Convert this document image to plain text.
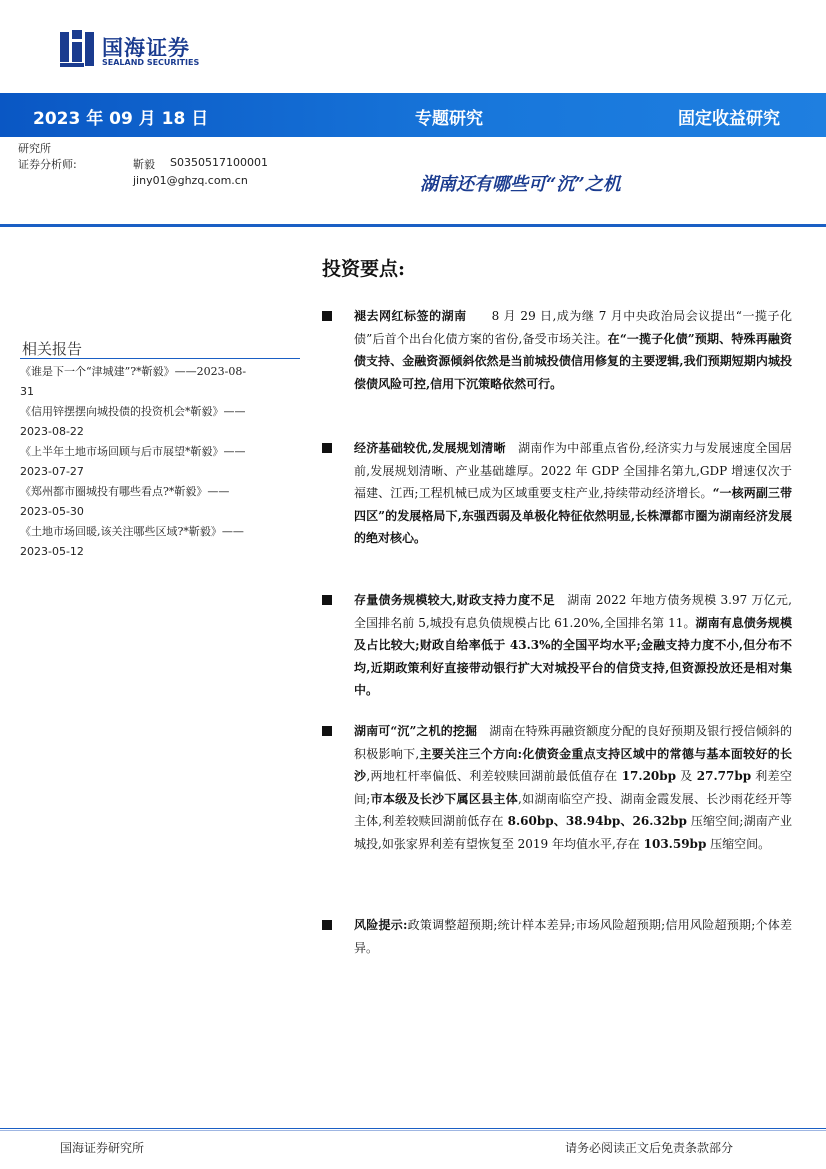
国海证券
SEALAND SECURITIES
2023 年 09 月 18 日	专题研究	固定收益研究
研究所
证券分析师:	靳毅 S0350517100001
jiny01@ghzq.com.cn	湖南还有哪些可“沉”之机
投资要点:
相关报告
《谁是下一个“津城建”?*靳毅》——2023-08-
31
《信用锌摆摆向城投债的投资机会*靳毅》——
2023-08-22
《上半年土地市场回顾与后市展望*靳毅》——
2023-07-27
《郑州都市圈城投有哪些看点?*靳毅》——
2023-05-30
《土地市场回暖,该关注哪些区域?*靳毅》——
2023-05-12
褪去网红标签的湖南　　8 月 29 日,成为继 7 月中央政治局会议提出“一揽子化债”后首个出台化债方案的省份,备受市场关注。在“一揽子化债”预期、特殊再融资债支持、金融资源倾斜依然是当前城投债信用修复的主要逻辑,我们预期短期内城投偿债风险可控,信用下沉策略依然可行。
经济基础较优,发展规划清晰　湖南作为中部重点省份,经济实力与发展速度全国居前,发展规划清晰、产业基础雄厚。2022 年 GDP 全国排名第九,GDP 增速仅次于福建、江西;工程机械已成为区域重要支柱产业,持续带动经济增长。“一核两副三带四区”的发展格局下,东强西弱及单极化特征依然明显,长株潭都市圈为湖南经济发展的绝对核心。
存量债务规模较大,财政支持力度不足　湖南 2022 年地方债务规模 3.97 万亿元,全国排名前 5,城投有息负债规模占比 61.20%,全国排名第 11。湖南有息债务规模及占比较大;财政自给率低于 43.3%的全国平均水平;金融支持力度不小,但分布不均,近期政策利好直接带动银行扩大对城投平台的信贷支持,但资源投放还是相对集中。
湖南可“沉”之机的挖掘　湖南在特殊再融资额度分配的良好预期及银行授信倾斜的积极影响下,主要关注三个方向:化债资金重点支持区域中的常德与基本面较好的长沙,两地杠杆率偏低、利差较赎回湖前最低值存在 17.20bp 及 27.77bp 利差空间;市本级及长沙下属区县主体,如湖南临空产投、湖南金霞发展、长沙雨花经开等主体,利差较赎回湖前低存在 8.60bp、38.94bp、26.32bp 压缩空间;湖南产业城投,如张家界利差有望恢复至 2019 年均值水平,存在 103.59bp 压缩空间。
风险提示:政策调整超预期;统计样本差异;市场风险超预期;信用风险超预期;个体差异。
国海证券研究所	请务必阅读正文后免责条款部分
